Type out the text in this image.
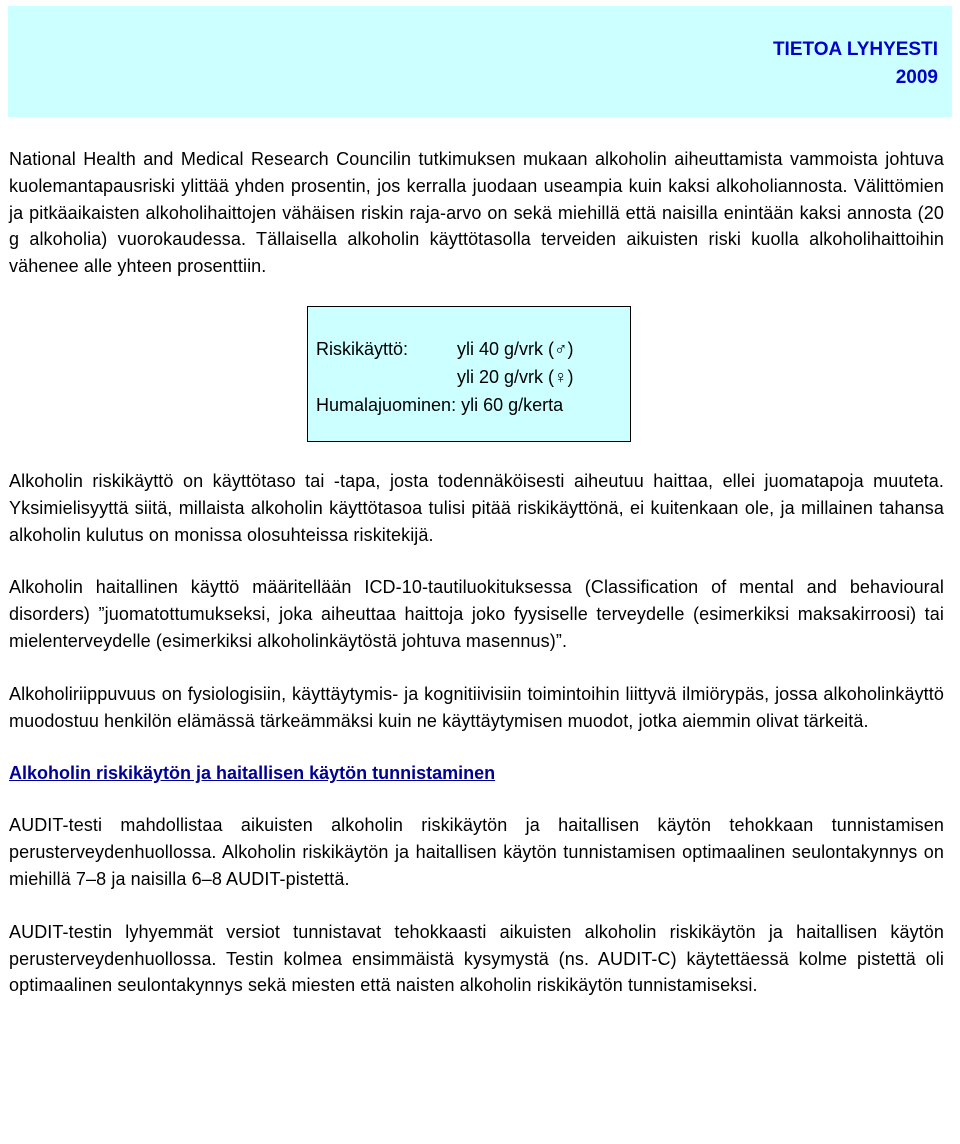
TIETOA LYHYESTI
2009

National Health and Medical Research Councilin tutkimuksen mukaan alkoholin aiheuttamista vammoista johtuva kuolemantapausriski ylittää yhden prosentin, jos kerralla juodaan useampia kuin kaksi alkoholiannosta. Välittömien ja pitkäaikaisten alkoholihaittojen vähäisen riskin raja-arvo on sekä miehillä että naisilla enintään kaksi annosta (20 g alkoholia) vuorokaudessa. Tällaisella alkoholin käyttötasolla terveiden aikuisten riski kuolla alkoholihaittoihin vähenee alle yhteen prosenttiin.

Riskikäyttö:	yli 40 g/vrk (♂)
yli 20 g/vrk (♀)
Humalajuominen: yli 60 g/kerta

Alkoholin riskikäyttö on käyttötaso tai -tapa, josta todennäköisesti aiheutuu haittaa, ellei juomatapoja muuteta. Yksimielisyyttä siitä, millaista alkoholin käyttötasoa tulisi pitää riskikäyttönä, ei kuitenkaan ole, ja millainen tahansa alkoholin kulutus on monissa olosuhteissa riskitekijä.

Alkoholin haitallinen käyttö määritellään ICD-10-tautiluokituksessa (Classification of mental and behavioural disorders) ”juomatottumukseksi, joka aiheuttaa haittoja joko fyysiselle terveydelle (esimerkiksi maksakirroosi) tai mielenterveydelle (esimerkiksi alkoholinkäytöstä johtuva masennus)”.

Alkoholiriippuvuus on fysiologisiin, käyttäytymis- ja kognitiivisiin toimintoihin liittyvä ilmiörypäs, jossa alkoholinkäyttö muodostuu henkilön elämässä tärkeämmäksi kuin ne käyttäytymisen muodot, jotka aiemmin olivat tärkeitä.

Alkoholin riskikäytön ja haitallisen käytön tunnistaminen

AUDIT-testi mahdollistaa aikuisten alkoholin riskikäytön ja haitallisen käytön tehokkaan tunnistamisen perusterveydenhuollossa. Alkoholin riskikäytön ja haitallisen käytön tunnistamisen optimaalinen seulontakynnys on miehillä 7–8 ja naisilla 6–8 AUDIT-pistettä.

AUDIT-testin lyhyemmät versiot tunnistavat tehokkaasti aikuisten alkoholin riskikäytön ja haitallisen käytön perusterveydenhuollossa. Testin kolmea ensimmäistä kysymystä (ns. AUDIT-C) käytettäessä kolme pistettä oli optimaalinen seulontakynnys sekä miesten että naisten alkoholin riskikäytön tunnistamiseksi.
